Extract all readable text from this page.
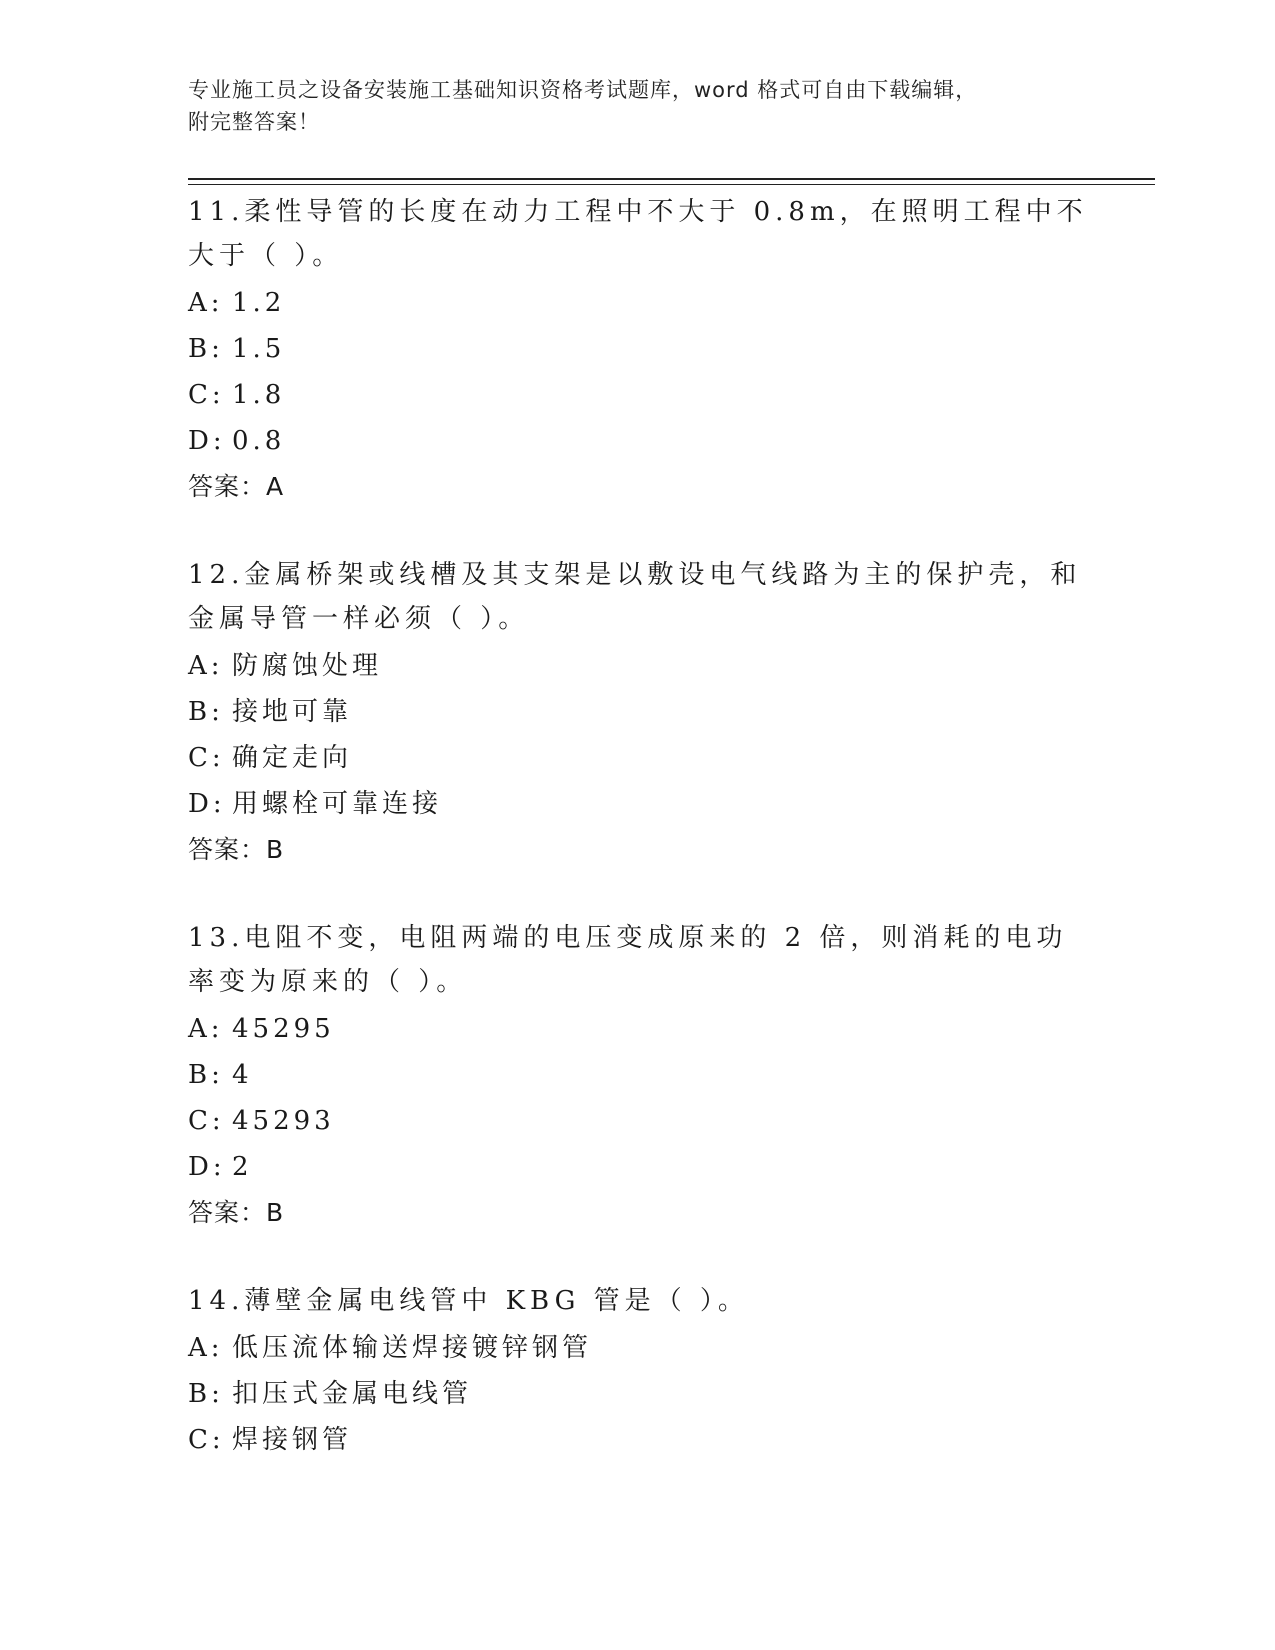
专业施工员之设备安装施工基础知识资格考试题库，word 格式可自由下载编辑，
附完整答案！
11.柔性导管的长度在动力工程中不大于 0.8m，在照明工程中不大于（ ）。
A: 1.2
B: 1.5
C: 1.8
D: 0.8
答案：A
12.金属桥架或线槽及其支架是以敷设电气线路为主的保护壳，和金属导管一样必须（ ）。
A: 防腐蚀处理
B: 接地可靠
C: 确定走向
D: 用螺栓可靠连接
答案：B
13.电阻不变，电阻两端的电压变成原来的 2 倍，则消耗的电功率变为原来的（ ）。
A: 45295
B: 4
C: 45293
D: 2
答案：B
14.薄壁金属电线管中 KBG 管是（ ）。
A: 低压流体输送焊接镀锌钢管
B: 扣压式金属电线管
C: 焊接钢管
